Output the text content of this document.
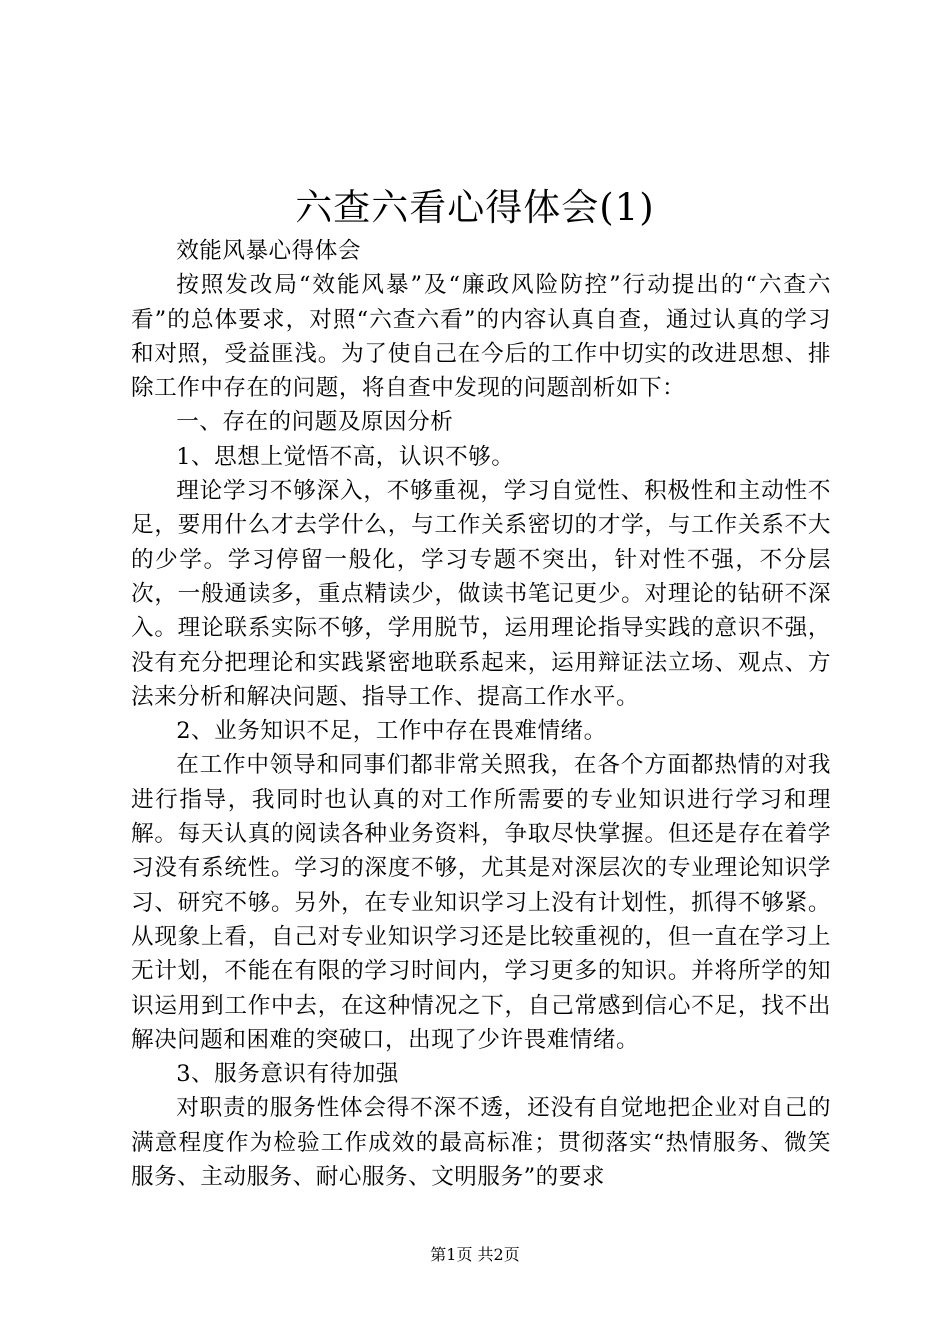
六查六看心得体会(1)

效能风暴心得体会

按照发改局“效能风暴”及“廉政风险防控”行动提出的“六查六看”的总体要求，对照“六查六看”的内容认真自查，通过认真的学习和对照，受益匪浅。为了使自己在今后的工作中切实的改进思想、排除工作中存在的问题，将自查中发现的问题剖析如下：

一、存在的问题及原因分析

1、思想上觉悟不高，认识不够。

理论学习不够深入，不够重视，学习自觉性、积极性和主动性不足，要用什么才去学什么，与工作关系密切的才学，与工作关系不大的少学。学习停留一般化，学习专题不突出，针对性不强，不分层次，一般通读多，重点精读少，做读书笔记更少。对理论的钻研不深入。理论联系实际不够，学用脱节，运用理论指导实践的意识不强，没有充分把理论和实践紧密地联系起来，运用辩证法立场、观点、方法来分析和解决问题、指导工作、提高工作水平。

2、业务知识不足，工作中存在畏难情绪。

在工作中领导和同事们都非常关照我，在各个方面都热情的对我进行指导，我同时也认真的对工作所需要的专业知识进行学习和理解。每天认真的阅读各种业务资料，争取尽快掌握。但还是存在着学习没有系统性。学习的深度不够，尤其是对深层次的专业理论知识学习、研究不够。另外，在专业知识学习上没有计划性，抓得不够紧。从现象上看，自己对专业知识学习还是比较重视的，但一直在学习上无计划，不能在有限的学习时间内，学习更多的知识。并将所学的知识运用到工作中去，在这种情况之下，自己常感到信心不足，找不出解决问题和困难的突破口，出现了少许畏难情绪。

3、服务意识有待加强

对职责的服务性体会得不深不透，还没有自觉地把企业对自己的满意程度作为检验工作成效的最高标准；贯彻落实“热情服务、微笑服务、主动服务、耐心服务、文明服务”的要求

第1页 共2页
